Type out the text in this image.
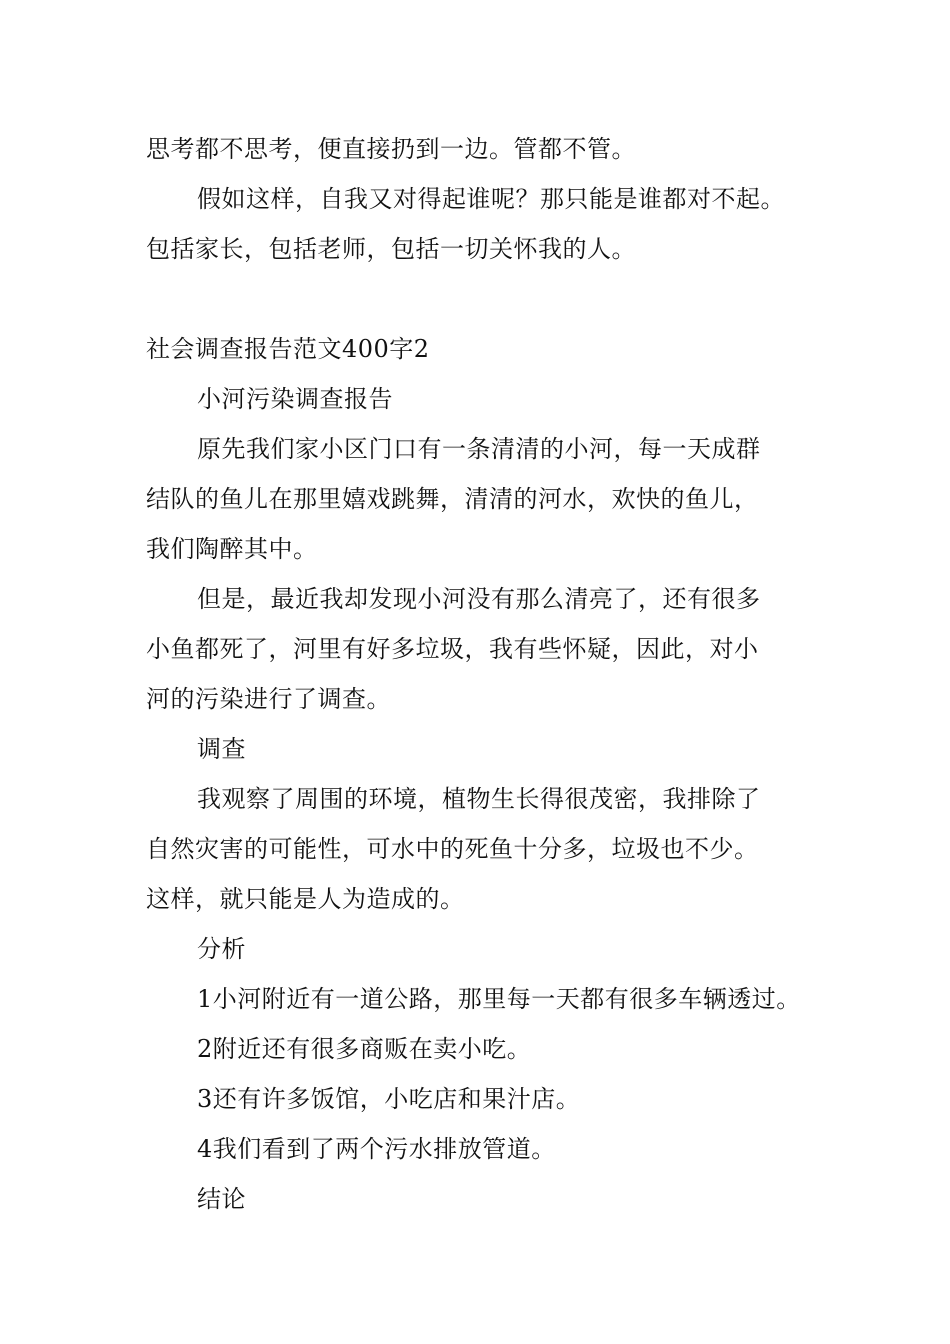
思考都不思考，便直接扔到一边。管都不管。
假如这样，自我又对得起谁呢？那只能是谁都对不起。
包括家长，包括老师，包括一切关怀我的人。
社会调查报告范文400字2
小河污染调查报告
原先我们家小区门口有一条清清的小河，每一天成群
结队的鱼儿在那里嬉戏跳舞，清清的河水，欢快的鱼儿，
我们陶醉其中。
但是，最近我却发现小河没有那么清亮了，还有很多
小鱼都死了，河里有好多垃圾，我有些怀疑，因此，对小
河的污染进行了调查。
调查
我观察了周围的环境，植物生长得很茂密，我排除了
自然灾害的可能性，可水中的死鱼十分多，垃圾也不少。
这样，就只能是人为造成的。
分析
1小河附近有一道公路，那里每一天都有很多车辆透过。
2附近还有很多商贩在卖小吃。
3还有许多饭馆，小吃店和果汁店。
4我们看到了两个污水排放管道。
结论
